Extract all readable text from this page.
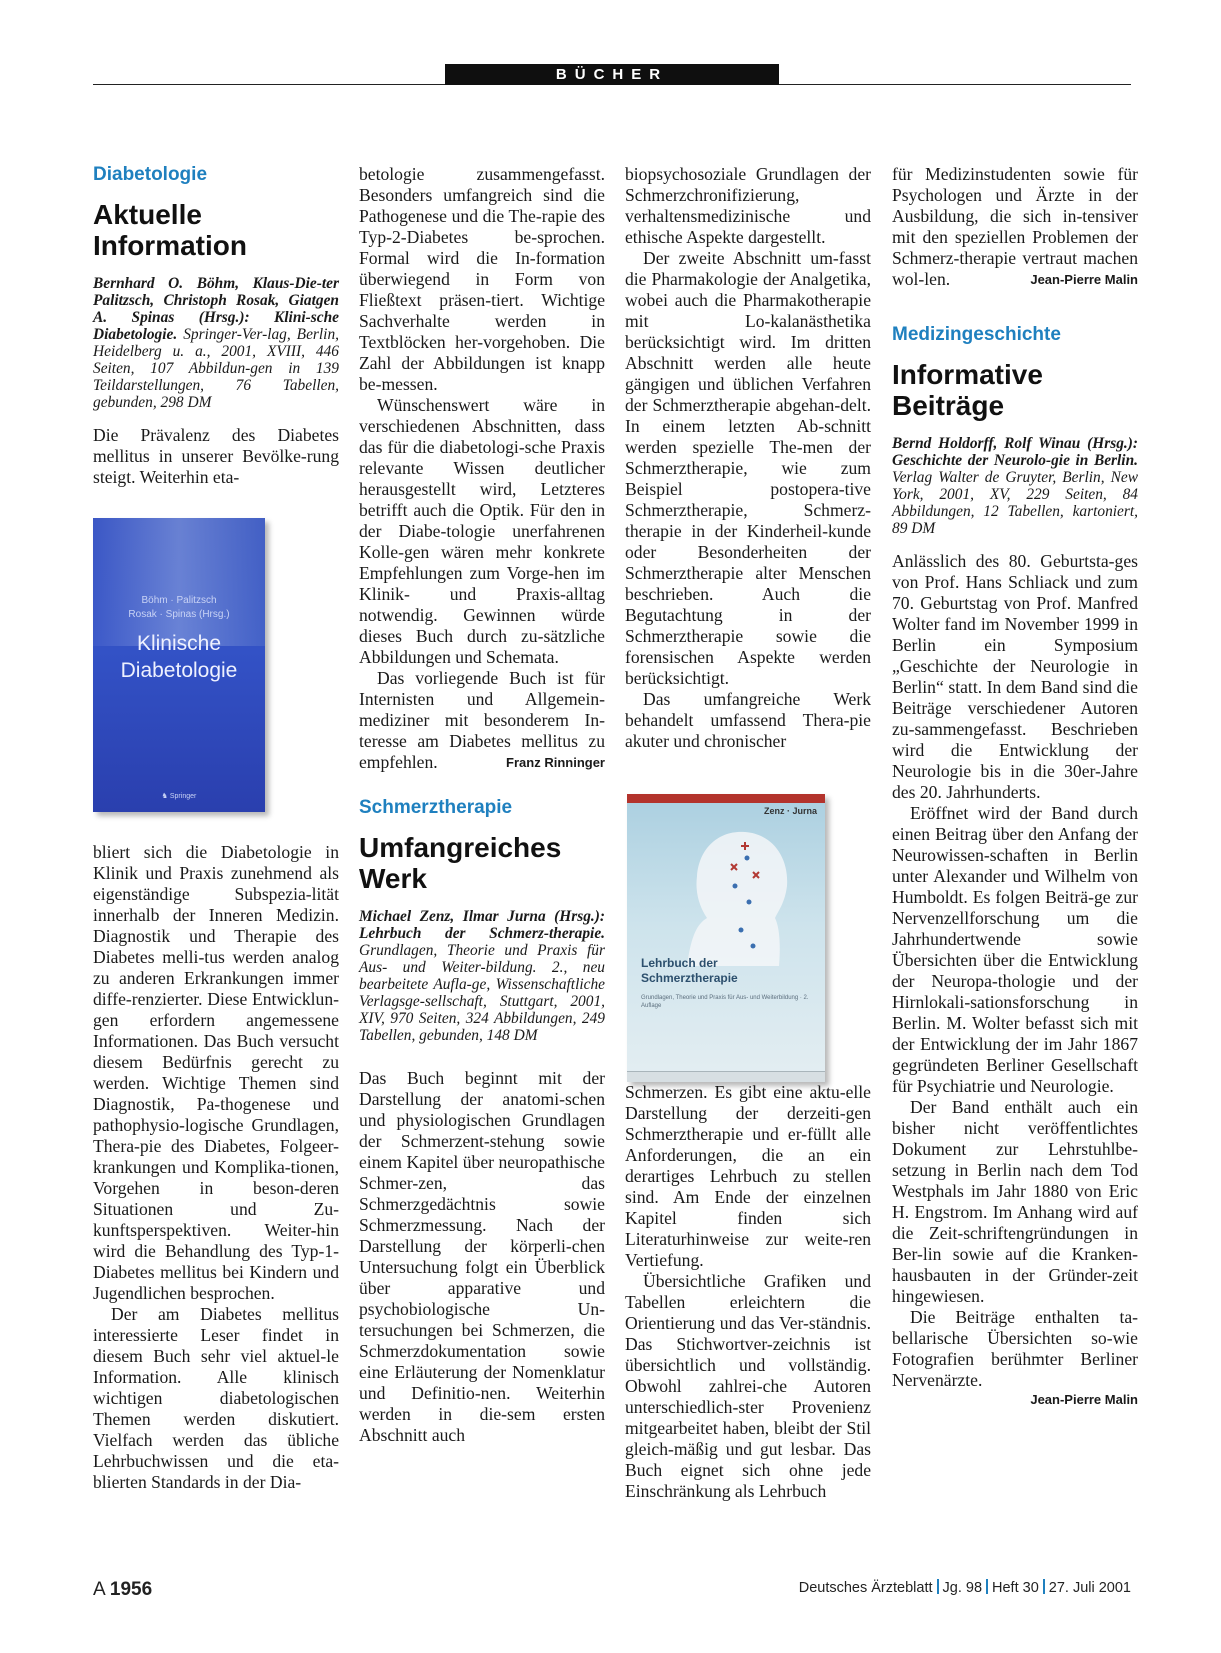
BÜCHER
Diabetologie
Aktuelle Information
Bernhard O. Böhm, Klaus-Die-ter Palitzsch, Christoph Rosak, Giatgen A. Spinas (Hrsg.): Klini-sche Diabetologie. Springer-Ver-lag, Berlin, Heidelberg u. a., 2001, XVIII, 446 Seiten, 107 Abbildun-gen in 139 Teildarstellungen, 76 Tabellen, gebunden, 298 DM

Die Prävalenz des Diabetes mellitus in unserer Bevölke-rung steigt. Weiterhin eta-

bliert sich die Diabetologie in Klinik und Praxis zunehmend als eigenständige Subspezia-lität innerhalb der Inneren Medizin. Diagnostik und Therapie des Diabetes melli-tus werden analog zu anderen Erkrankungen immer diffe-renzierter. Diese Entwicklun-gen erfordern angemessene Informationen. Das Buch versucht diesem Bedürfnis gerecht zu werden. Wichtige Themen sind Diagnostik, Pa-thogenese und pathophysio-logische Grundlagen, Thera-pie des Diabetes, Folgeer-krankungen und Komplika-tionen, Vorgehen in beson-deren Situationen und Zu-kunftsperspektiven. Weiter-hin wird die Behandlung des Typ-1-Diabetes mellitus bei Kindern und Jugendlichen besprochen.

Der am Diabetes mellitus interessierte Leser findet in diesem Buch sehr viel aktuel-le Information. Alle klinisch wichtigen diabetologischen Themen werden diskutiert. Vielfach werden das übliche Lehrbuchwissen und die eta-blierten Standards in der Dia-

Böhm · Palitzsch
Rosak · Spinas (Hrsg.)
Klinische
Diabetologie
♞ Springer

betologie zusammengefasst. Besonders umfangreich sind die Pathogenese und die The-rapie des Typ-2-Diabetes be-sprochen. Formal wird die In-formation überwiegend in Form von Fließtext präsen-tiert. Wichtige Sachverhalte werden in Textblöcken her-vorgehoben. Die Zahl der Abbildungen ist knapp be-messen.

Wünschenswert wäre in verschiedenen Abschnitten, dass das für die diabetologi-sche Praxis relevante Wissen deutlicher herausgestellt wird, Letzteres betrifft auch die Optik. Für den in der Diabe-tologie unerfahrenen Kolle-gen wären mehr konkrete Empfehlungen zum Vorge-hen im Klinik- und Praxis-alltag notwendig. Gewinnen würde dieses Buch durch zu-sätzliche Abbildungen und Schemata.

Das vorliegende Buch ist für Internisten und Allgemein-mediziner mit besonderem In-teresse am Diabetes mellitus zu empfehlen.	Franz Rinninger

Schmerztherapie
Umfangreiches Werk
Michael Zenz, Ilmar Jurna (Hrsg.): Lehrbuch der Schmerz-therapie. Grundlagen, Theorie und Praxis für Aus- und Weiter-bildung. 2., neu bearbeitete Aufla-ge, Wissenschaftliche Verlagsge-sellschaft, Stuttgart, 2001, XIV, 970 Seiten, 324 Abbildungen, 249 Tabellen, gebunden, 148 DM

Das Buch beginnt mit der Darstellung der anatomi-schen und physiologischen Grundlagen der Schmerzent-stehung sowie einem Kapitel über neuropathische Schmer-zen, das Schmerzgedächtnis sowie Schmerzmessung. Nach der Darstellung der körperli-chen Untersuchung folgt ein Überblick über apparative und psychobiologische Un-tersuchungen bei Schmerzen, die Schmerzdokumentation sowie eine Erläuterung der Nomenklatur und Definitio-nen. Weiterhin werden in die-sem ersten Abschnitt auch

biopsychosoziale Grundlagen der Schmerzchronifizierung, verhaltensmedizinische und ethische Aspekte dargestellt.

Der zweite Abschnitt um-fasst die Pharmakologie der Analgetika, wobei auch die Pharmakotherapie mit Lo-kalanästhetika berücksichtigt wird. Im dritten Abschnitt werden alle heute gängigen und üblichen Verfahren der Schmerztherapie abgehan-delt. In einem letzten Ab-schnitt werden spezielle The-men der Schmerztherapie, wie zum Beispiel postopera-tive Schmerztherapie, Schmerz-therapie in der Kinderheil-kunde oder Besonderheiten der Schmerztherapie alter Menschen beschrieben. Auch die Begutachtung in der Schmerztherapie sowie die forensischen Aspekte werden berücksichtigt.

Das umfangreiche Werk behandelt umfassend Thera-pie akuter und chronischer

Schmerzen. Es gibt eine aktu-elle Darstellung der derzeiti-gen Schmerztherapie und er-füllt alle Anforderungen, die an ein derartiges Lehrbuch zu stellen sind. Am Ende der einzelnen Kapitel finden sich Literaturhinweise zur weite-ren Vertiefung.

Übersichtliche Grafiken und Tabellen erleichtern die Orientierung und das Ver-ständnis. Das Stichwortver-zeichnis ist übersichtlich und vollständig. Obwohl zahlrei-che Autoren unterschiedlich-ster Provenienz mitgearbeitet haben, bleibt der Stil gleich-mäßig und gut lesbar. Das Buch eignet sich ohne jede Einschränkung als Lehrbuch

Zenz · Jurna
Lehrbuch der
Schmerztherapie
Grundlagen, Theorie und Praxis für Aus- und Weiterbildung · 2. Auflage

für Medizinstudenten sowie für Psychologen und Ärzte in der Ausbildung, die sich in-tensiver mit den speziellen Problemen der Schmerz-therapie vertraut machen wol-len.	Jean-Pierre Malin

Medizingeschichte
Informative Beiträge
Bernd Holdorff, Rolf Winau (Hrsg.): Geschichte der Neurolo-gie in Berlin. Verlag Walter de Gruyter, Berlin, New York, 2001, XV, 229 Seiten, 84 Abbildungen, 12 Tabellen, kartoniert, 89 DM

Anlässlich des 80. Geburtsta-ges von Prof. Hans Schliack und zum 70. Geburtstag von Prof. Manfred Wolter fand im November 1999 in Berlin ein Symposium „Geschichte der Neurologie in Berlin“ statt. In dem Band sind die Beiträge verschiedener Autoren zu-sammengefasst. Beschrieben wird die Entwicklung der Neurologie bis in die 30er-Jahre des 20. Jahrhunderts.

Eröffnet wird der Band durch einen Beitrag über den Anfang der Neurowissen-schaften in Berlin unter Alexander und Wilhelm von Humboldt. Es folgen Beiträ-ge zur Nervenzellforschung um die Jahrhundertwende sowie Übersichten über die Entwicklung der Neuropa-thologie und der Hirnlokali-sationsforschung in Berlin. M. Wolter befasst sich mit der Entwicklung der im Jahr 1867 gegründeten Berliner Gesellschaft für Psychiatrie und Neurologie.

Der Band enthält auch ein bisher nicht veröffentlichtes Dokument zur Lehrstuhlbe-setzung in Berlin nach dem Tod Westphals im Jahr 1880 von Eric H. Engstrom. Im Anhang wird auf die Zeit-schriftengründungen in Ber-lin sowie auf die Kranken-hausbauten in der Gründer-zeit hingewiesen.

Die Beiträge enthalten ta-bellarische Übersichten so-wie Fotografien berühmter Berliner Nervenärzte.

Jean-Pierre Malin
A 1956	Deutsches Ärzteblatt Jg. 98 Heft 30 27. Juli 2001
